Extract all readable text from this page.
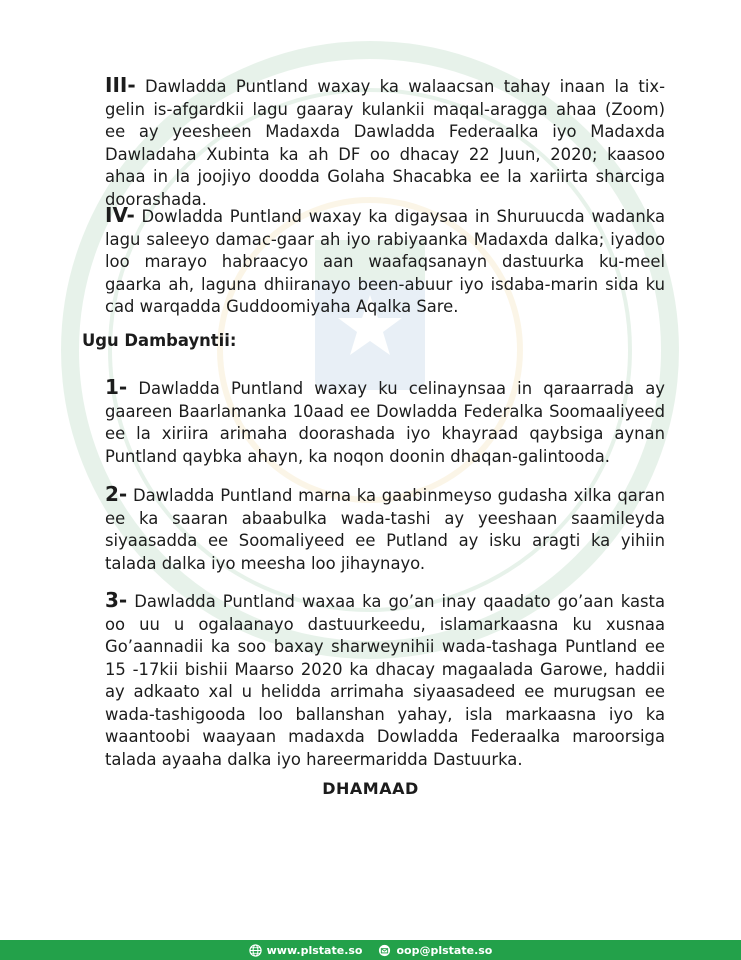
III- Dawladda Puntland waxay ka walaacsan tahay inaan la tix-gelin is-afgardkii lagu gaaray kulankii maqal-aragga ahaa (Zoom) ee ay yeesheen Madaxda Dawladda Federaalka iyo Madaxda Dawladaha Xubinta ka ah DF oo dhacay 22 Juun, 2020; kaasoo ahaa in la joojiyo doodda Golaha Shacabka ee la xariirta sharciga doorashada.

IV- Dowladda Puntland waxay ka digaysaa in Shuruucda wadanka lagu saleeyo damac-gaar ah iyo rabiyaanka Madaxda dalka; iyadoo loo marayo habraacyo aan waafaqsanayn dastuurka ku-meel gaarka ah, laguna dhiiranayo been-abuur iyo isdaba-marin sida ku cad warqadda Guddoomiyaha Aqalka Sare.

Ugu Dambayntii:

1- Dawladda Puntland waxay ku celinaynsaa in qaraarrada ay gaareen Baarlamanka 10aad ee Dowladda Federalka Soomaaliyeed ee la xiriira arimaha doorashada iyo khayraad qaybsiga aynan Puntland qaybka ahayn, ka noqon doonin dhaqan-galintooda.

2- Dawladda Puntland marna ka gaabinmeyso gudasha xilka qaran ee ka saaran abaabulka wada-tashi ay yeeshaan saamileyda siyaasadda ee Soomaliyeed ee Putland ay isku aragti ka yihiin talada dalka iyo meesha loo jihaynayo.

3- Dawladda Puntland waxaa ka go’an inay qaadato go’aan kasta oo uu u ogalaanayo dastuurkeedu, islamarkaasna ku xusnaa Go’aannadii ka soo baxay sharweynihii wada-tashaga Puntland ee 15 -17kii bishii Maarso 2020 ka dhacay magaalada Garowe, haddii ay adkaato xal u helidda arrimaha siyaasadeed ee murugsan ee wada-tashigooda loo ballanshan yahay, isla markaasna iyo ka waantoobi waayaan madaxda Dowladda Federaalka maroorsiga talada ayaaha dalka iyo hareermaridda Dastuurka.

DHAMAAD

www.plstate.so	oop@plstate.so
